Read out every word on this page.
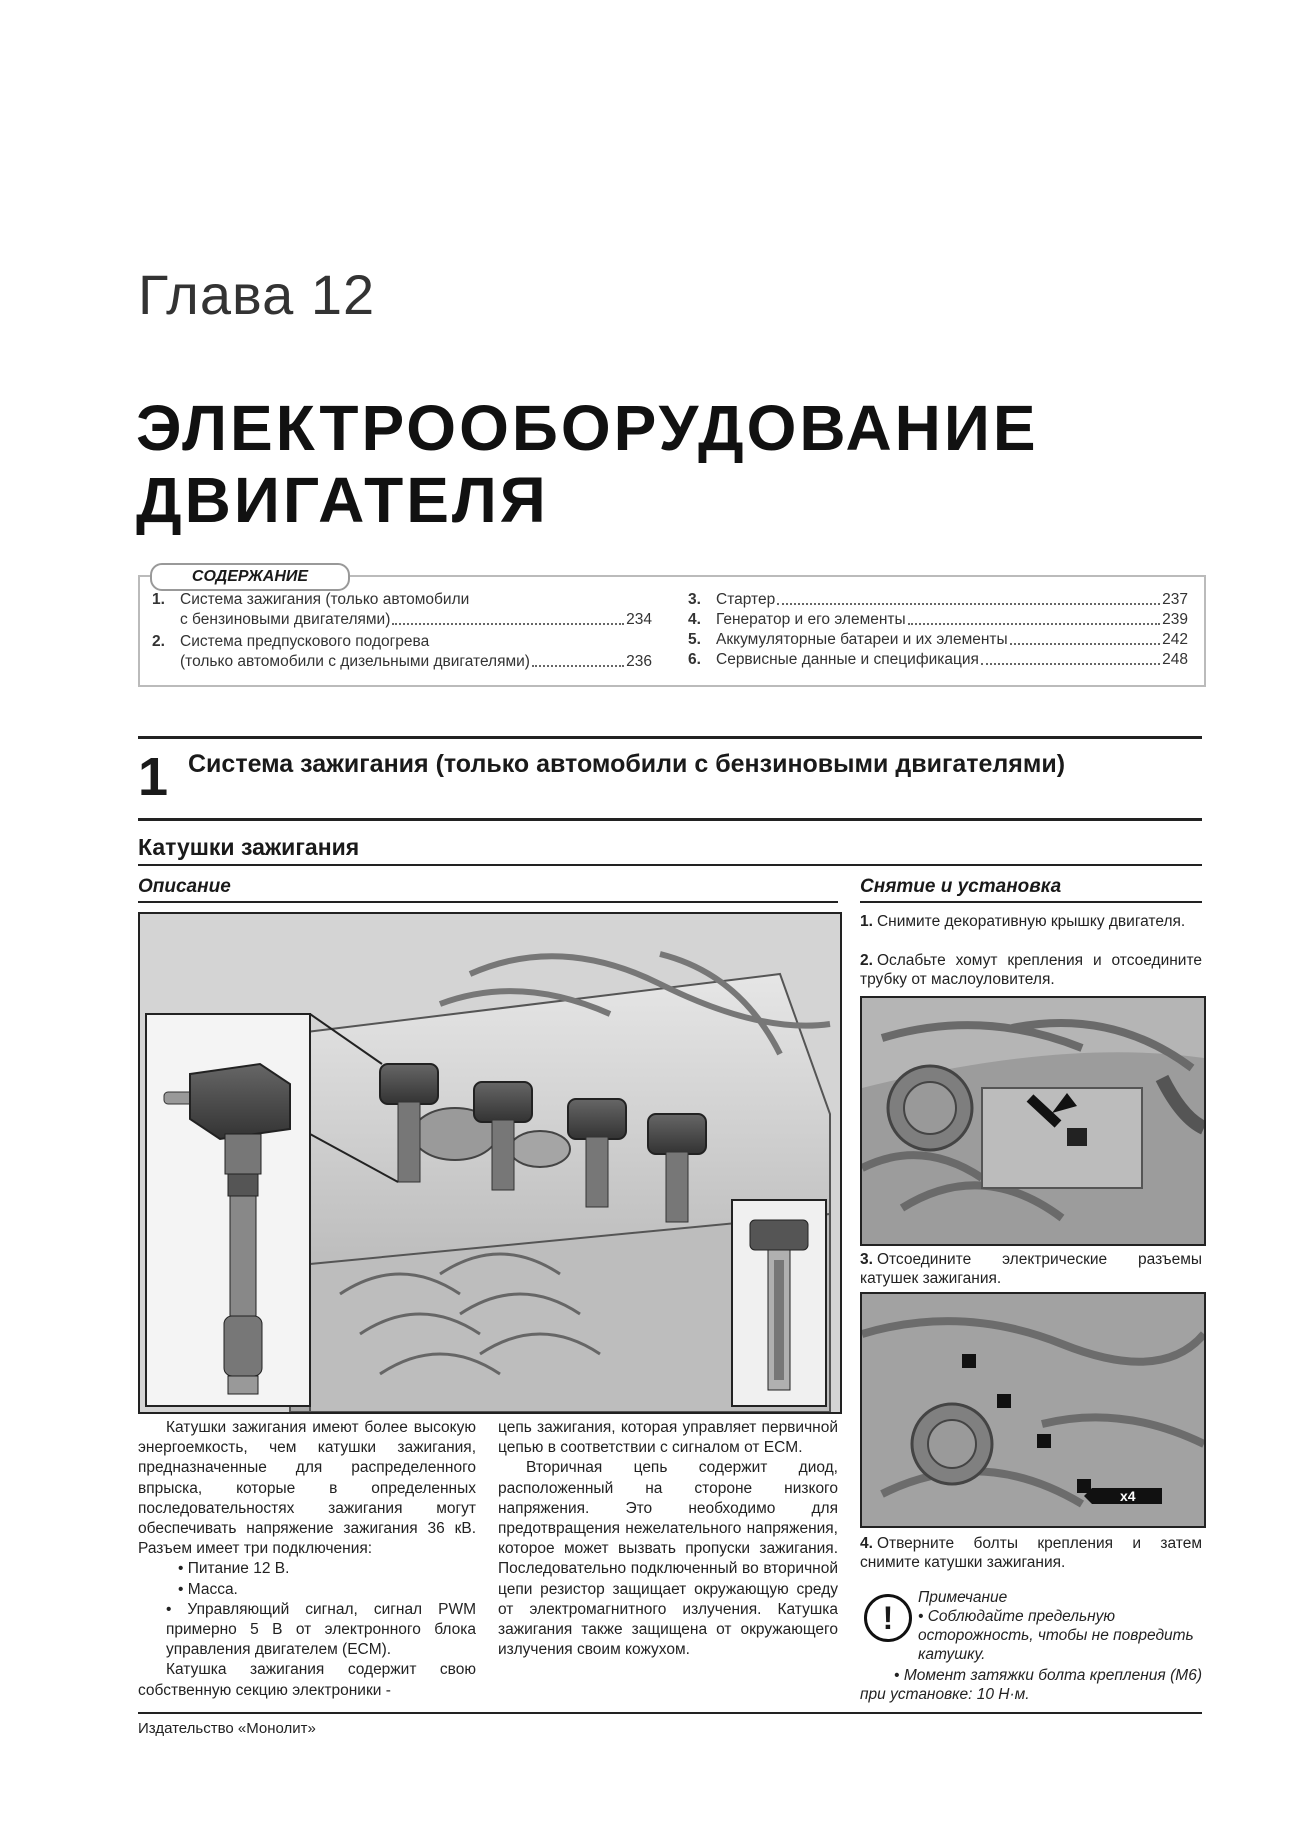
Глава 12
ЭЛЕКТРООБОРУДОВАНИЕ
ДВИГАТЕЛЯ
СОДЕРЖАНИЕ
1. Система зажигания (только автомобили
с бензиновыми двигателями)	234
2. Система предпускового подогрева
(только автомобили с дизельными двигателями)	236
3. Стартер	237
4. Генератор и его элементы	239
5. Аккумуляторные батареи и их элементы	242
6. Сервисные данные и спецификация	248
1 Система зажигания (только автомобили с бензиновыми двигателями)
Катушки зажигания
Описание

Катушки зажигания имеют более высокую энергоемкость, чем катушки зажигания, предназначенные для распределенного впрыска, которые в определенных последовательностях зажигания могут обеспечивать напряжение зажигания 36 кВ. Разъем имеет три подключения:

• Питание 12 В.

• Масса.

• Управляющий сигнал, сигнал PWM примерно 5 В от электронного блока управления двигателем (ECM).

Катушка зажигания содержит свою собственную секцию электроники -

цепь зажигания, которая управляет первичной цепью в соответствии с сигналом от ECM.

Вторичная цепь содержит диод, расположенный на стороне низкого напряжения. Это необходимо для предотвращения нежелательного напряжения, которое может вызвать пропуски зажигания. Последовательно подключенный во вторичной цепи резистор защищает окружающую среду от электромагнитного излучения. Катушка зажигания также защищена от окружающего излучения своим кожухом.

Снятие и установка
1. Снимите декоративную крышку двигателя.
2. Ослабьте хомут крепления и отсоедините трубку от маслоуловителя.
3. Отсоедините электрические разъемы катушек зажигания.
x4
4. Отверните болты крепления и затем снимите катушки зажигания.
!
Примечание
• Соблюдайте предельную осторожность, чтобы не повредить катушку.
• Момент затяжки болта крепления (М6) при установке: 10 Н·м.
Издательство «Монолит»
